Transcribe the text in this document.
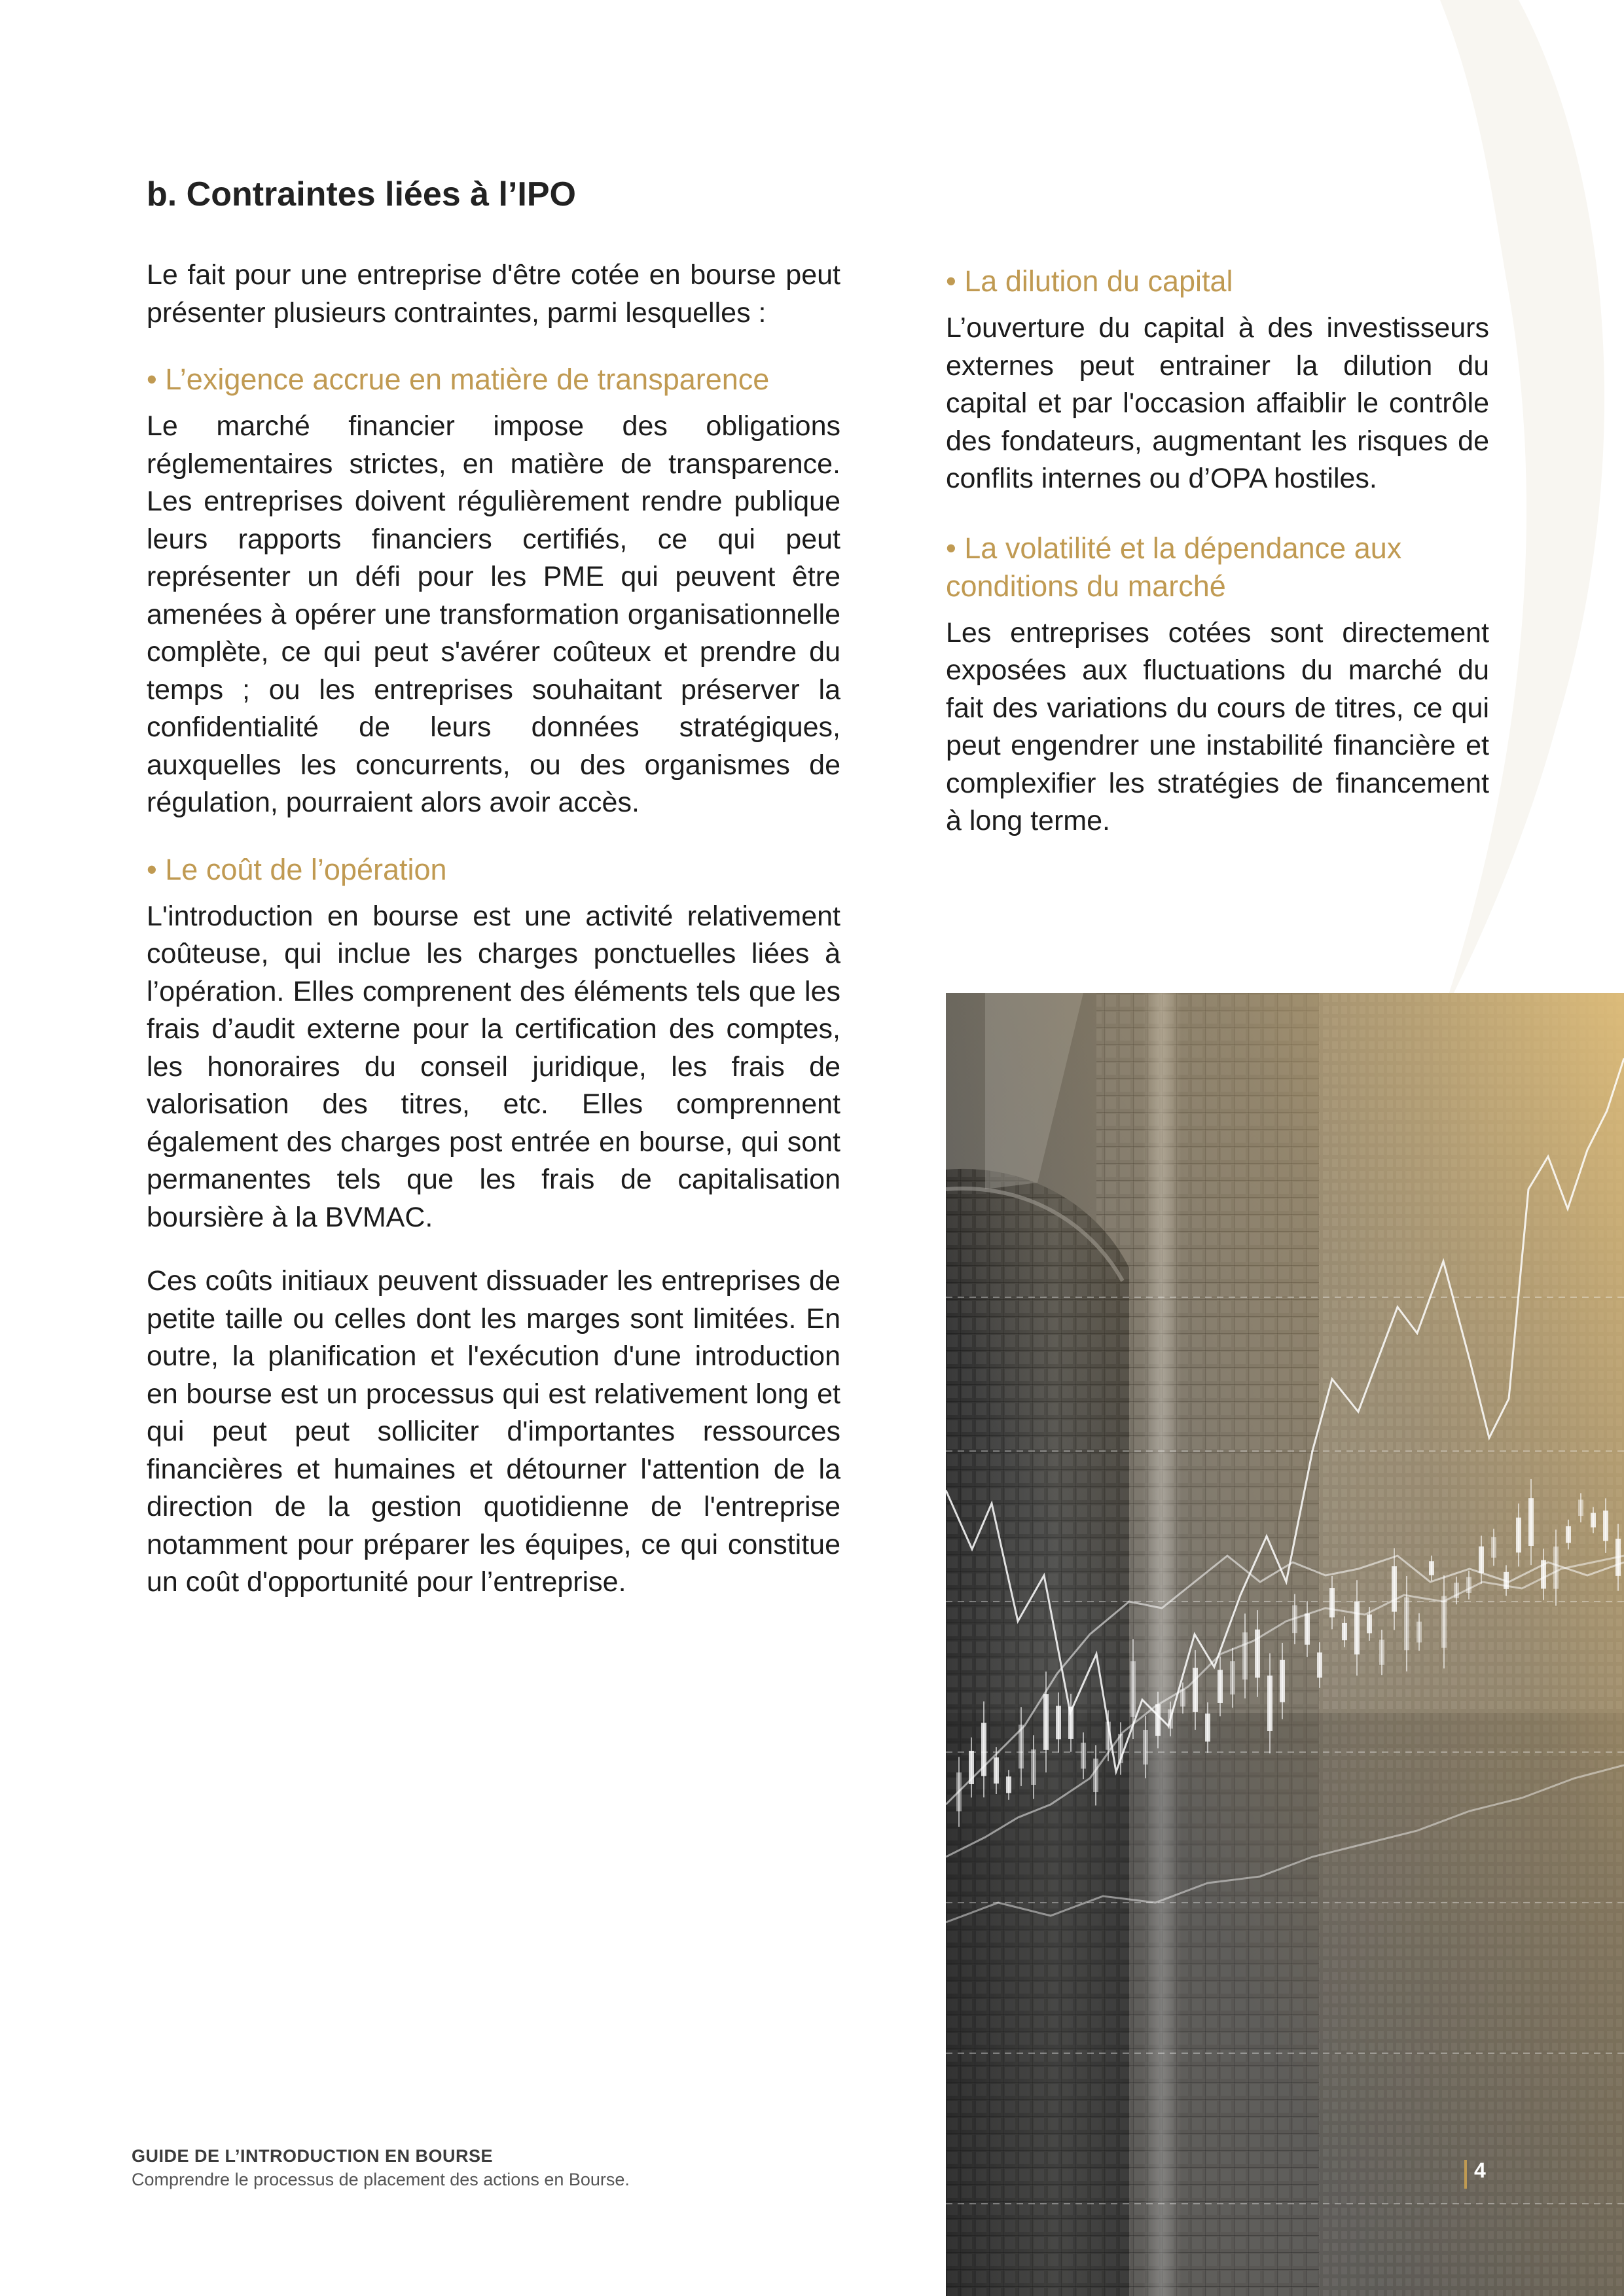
b. Contraintes liées à l’IPO

Le fait pour une entreprise d'être cotée en bourse peut présenter plusieurs contraintes, parmi lesquelles :

• L’exigence accrue en matière de transparence

Le marché financier impose des obligations réglementaires strictes, en matière de transparence. Les entreprises doivent régulièrement rendre publique leurs rapports financiers certifiés, ce qui peut représenter un défi pour les PME qui peuvent être amenées à opérer une transformation organisationnelle complète, ce qui peut s'avérer coûteux et prendre du temps ; ou les entreprises souhaitant préserver la confidentialité de leurs données stratégiques, auxquelles les concurrents, ou des organismes de régulation, pourraient alors avoir accès.

• Le coût de l’opération

L'introduction en bourse est une activité relativement coûteuse, qui inclue les charges ponctuelles liées à l’opération. Elles comprenent des éléments tels que les frais d’audit externe pour la certification des comptes, les honoraires du conseil juridique, les frais de valorisation des titres, etc. Elles comprennent également des charges post entrée en bourse, qui sont permanentes tels que les frais de capitalisation boursière à la BVMAC.

Ces coûts initiaux peuvent dissuader les entreprises de petite taille ou celles dont les marges sont limitées. En outre, la planification et l'exécution d'une introduction en bourse est un processus qui est relativement long et qui peut peut solliciter d'importantes ressources financières et humaines et détourner l'attention de la direction de la gestion quotidienne de l'entreprise notamment pour préparer les équipes, ce qui constitue un coût d'opportunité pour l’entreprise.

• La dilution du capital

L’ouverture du capital à des investisseurs externes peut entrainer la dilution du capital et par l'occasion affaiblir le contrôle des fondateurs, augmentant les risques de conflits internes ou d’OPA hostiles.

• La volatilité et la dépendance aux conditions du marché

Les entreprises cotées sont directement exposées aux fluctuations du marché du fait des variations du cours de titres, ce qui peut engendrer une instabilité financière et complexifier les stratégies de financement à long terme.

GUIDE DE L’INTRODUCTION EN BOURSE
Comprendre le processus de placement des actions en Bourse.	4
